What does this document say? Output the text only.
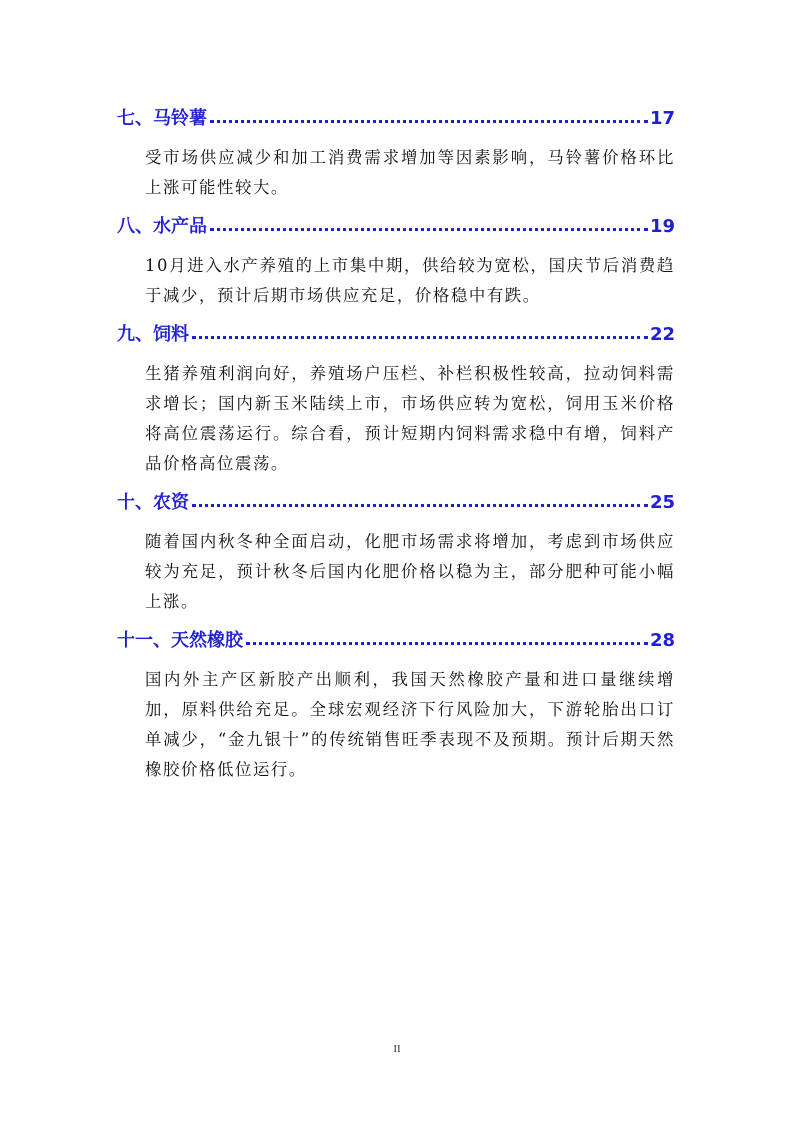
七、马铃薯	17

受市场供应减少和加工消费需求增加等因素影响，马铃薯价格环比上涨可能性较大。

八、水产品	19

10月进入水产养殖的上市集中期，供给较为宽松，国庆节后消费趋于减少，预计后期市场供应充足，价格稳中有跌。

九、饲料	22

生猪养殖利润向好，养殖场户压栏、补栏积极性较高，拉动饲料需求增长；国内新玉米陆续上市，市场供应转为宽松，饲用玉米价格将高位震荡运行。综合看，预计短期内饲料需求稳中有增，饲料产品价格高位震荡。

十、农资	25

随着国内秋冬种全面启动，化肥市场需求将增加，考虑到市场供应较为充足，预计秋冬后国内化肥价格以稳为主，部分肥种可能小幅上涨。

十一、天然橡胶	28

国内外主产区新胶产出顺利，我国天然橡胶产量和进口量继续增加，原料供给充足。全球宏观经济下行风险加大，下游轮胎出口订单减少，“金九银十”的传统销售旺季表现不及预期。预计后期天然橡胶价格低位运行。

II
